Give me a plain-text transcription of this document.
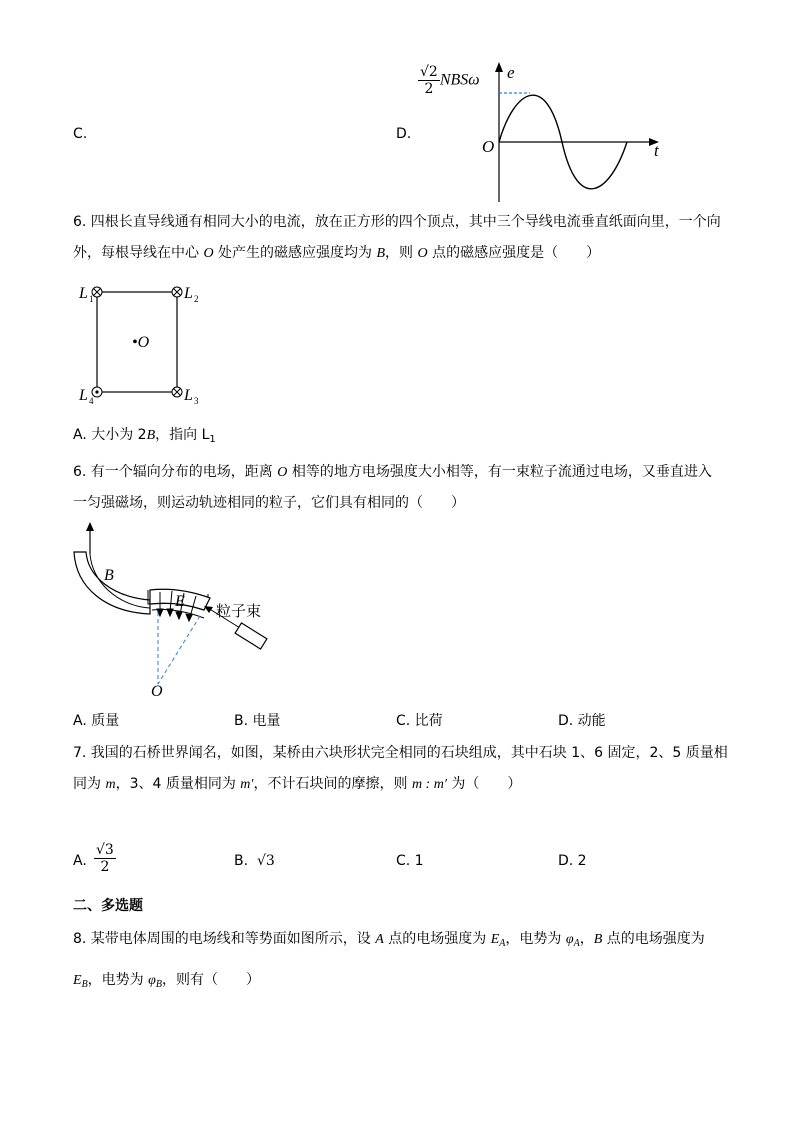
C.	D.
$\frac{√2}{2}$ NBSω e
t
O
6. 四根长直导线通有相同大小的电流，放在正方形的四个顶点，其中三个导线电流垂直纸面向里，一个向
外，每根导线在中心 O 处产生的磁感应强度均为 B，则 O 点的磁感应强度是（　　）
L 1	L 2
L 3
L 4
•O
A. 大小为 2B，指向 $L_1$
6. 有一个辐向分布的电场，距离 O 相等的地方电场强度大小相等，有一束粒子流通过电场，又垂直进入
一匀强磁场，则运动轨迹相同的粒子，它们具有相同的（　　）
B
E
粒子束
O
A. 质量	B. 电量	C. 比荷	D. 动能
7. 我国的石桥世界闻名，如图，某桥由六块形状完全相同的石块组成，其中石块 1、6 固定，2、5 质量相
同为 m，3、4 质量相同为 m′，不计石块间的摩擦，则 m : m′ 为（　　）
A. $\frac{√3}{2}$	B. √3	C. 1	D. 2
二、多选题
8. 某带电体周围的电场线和等势面如图所示，设 A 点的电场强度为 $E_A$，电势为 $\varphi_A$，B 点的电场强度为
$E_B$，电势为 $\varphi_B$，则有（　　）
